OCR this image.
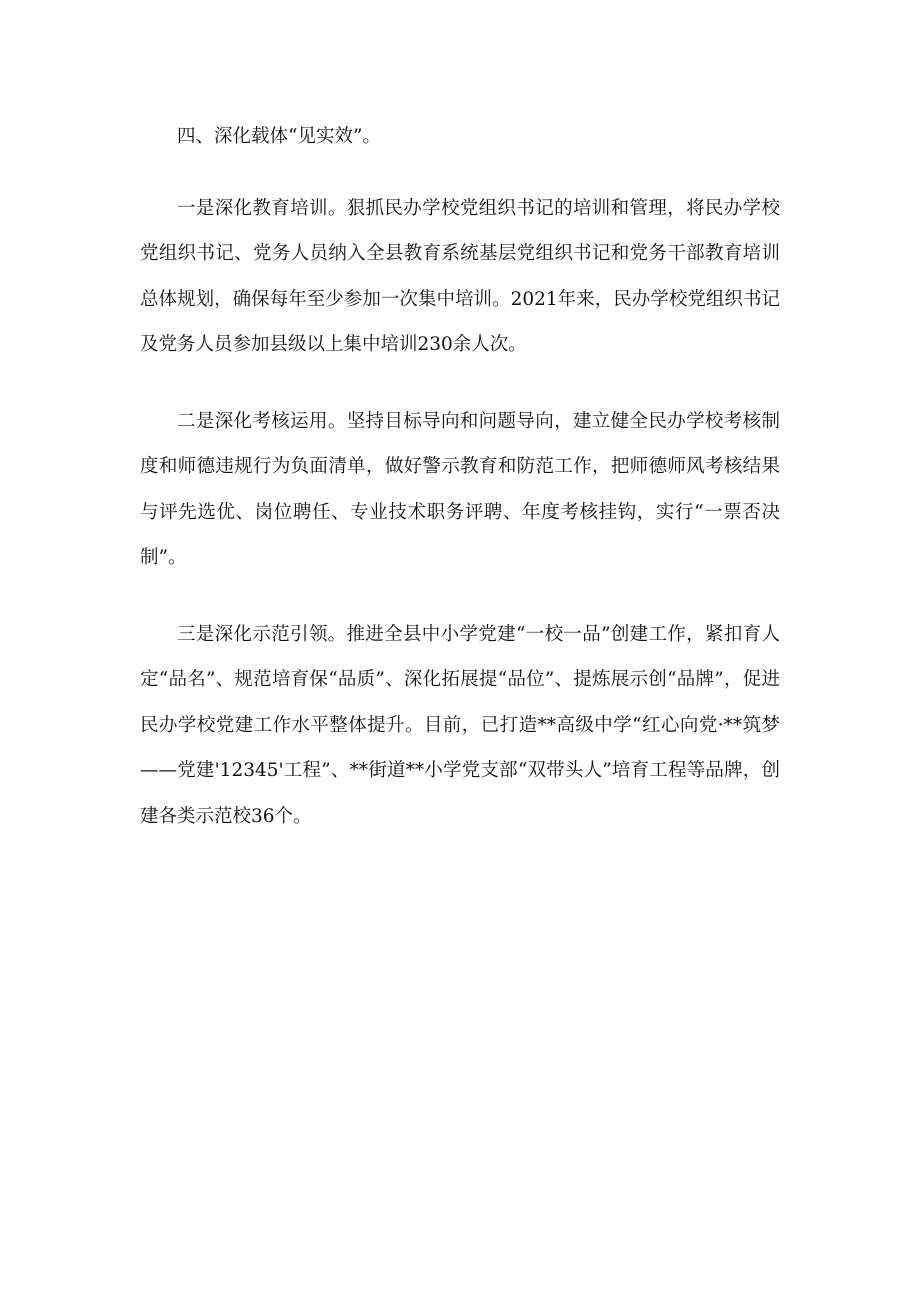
四、深化载体“见实效”。

一是深化教育培训。狠抓民办学校党组织书记的培训和管理，将民办学校党组织书记、党务人员纳入全县教育系统基层党组织书记和党务干部教育培训总体规划，确保每年至少参加一次集中培训。2021年来，民办学校党组织书记及党务人员参加县级以上集中培训230余人次。

二是深化考核运用。坚持目标导向和问题导向，建立健全民办学校考核制度和师德违规行为负面清单，做好警示教育和防范工作，把师德师风考核结果与评先选优、岗位聘任、专业技术职务评聘、年度考核挂钩，实行“一票否决制”。

三是深化示范引领。推进全县中小学党建“一校一品”创建工作，紧扣育人定“品名”、规范培育保“品质”、深化拓展提“品位”、提炼展示创“品牌”，促进民办学校党建工作水平整体提升。目前，已打造**高级中学“红心向党·**筑梦——党建'12345'工程”、**街道**小学党支部“双带头人”培育工程等品牌，创建各类示范校36个。
